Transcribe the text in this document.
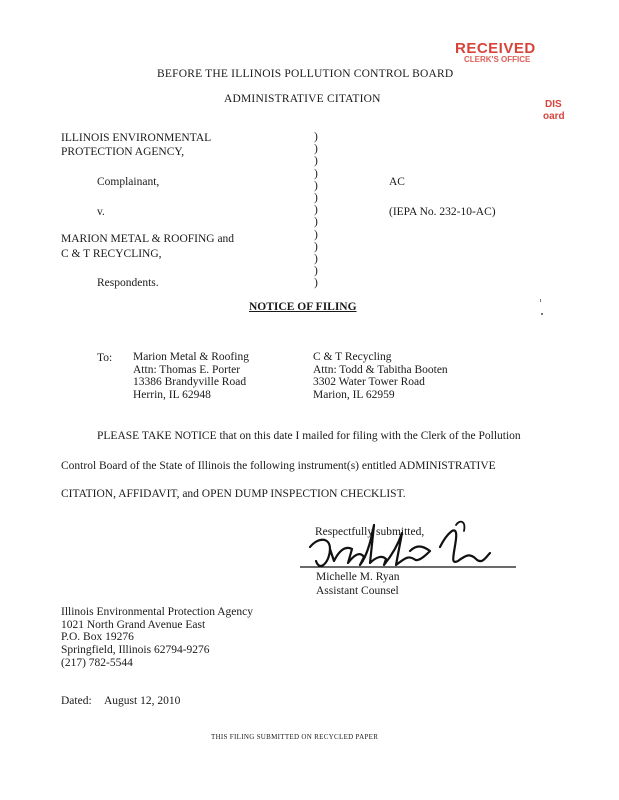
RECEIVED
CLERK'S OFFICE
DIS
oard
BEFORE THE ILLINOIS POLLUTION CONTROL BOARD
ADMINISTRATIVE CITATION
ILLINOIS ENVIRONMENTAL
PROTECTION AGENCY,
Complainant,
v.
MARION METAL & ROOFING and
C & T RECYCLING,
Respondents.
)
)
)
)
)
)
)
)
)
)
)
)
)
AC
(IEPA No. 232-10-AC)
NOTICE OF FILING
To: Marion Metal & Roofing
Attn: Thomas E. Porter
13386 Brandyville Road
Herrin, IL 62948
C & T Recycling
Attn: Todd & Tabitha Booten
3302 Water Tower Road
Marion, IL 62959
PLEASE TAKE NOTICE that on this date I mailed for filing with the Clerk of the Pollution
Control Board of the State of Illinois the following instrument(s) entitled ADMINISTRATIVE
CITATION, AFFIDAVIT, and OPEN DUMP INSPECTION CHECKLIST.
Respectfully submitted,
Michelle M. Ryan
Assistant Counsel
Illinois Environmental Protection Agency
1021 North Grand Avenue East
P.O. Box 19276
Springfield, Illinois 62794-9276
(217) 782-5544
Dated: August 12, 2010
THIS FILING SUBMITTED ON RECYCLED PAPER
